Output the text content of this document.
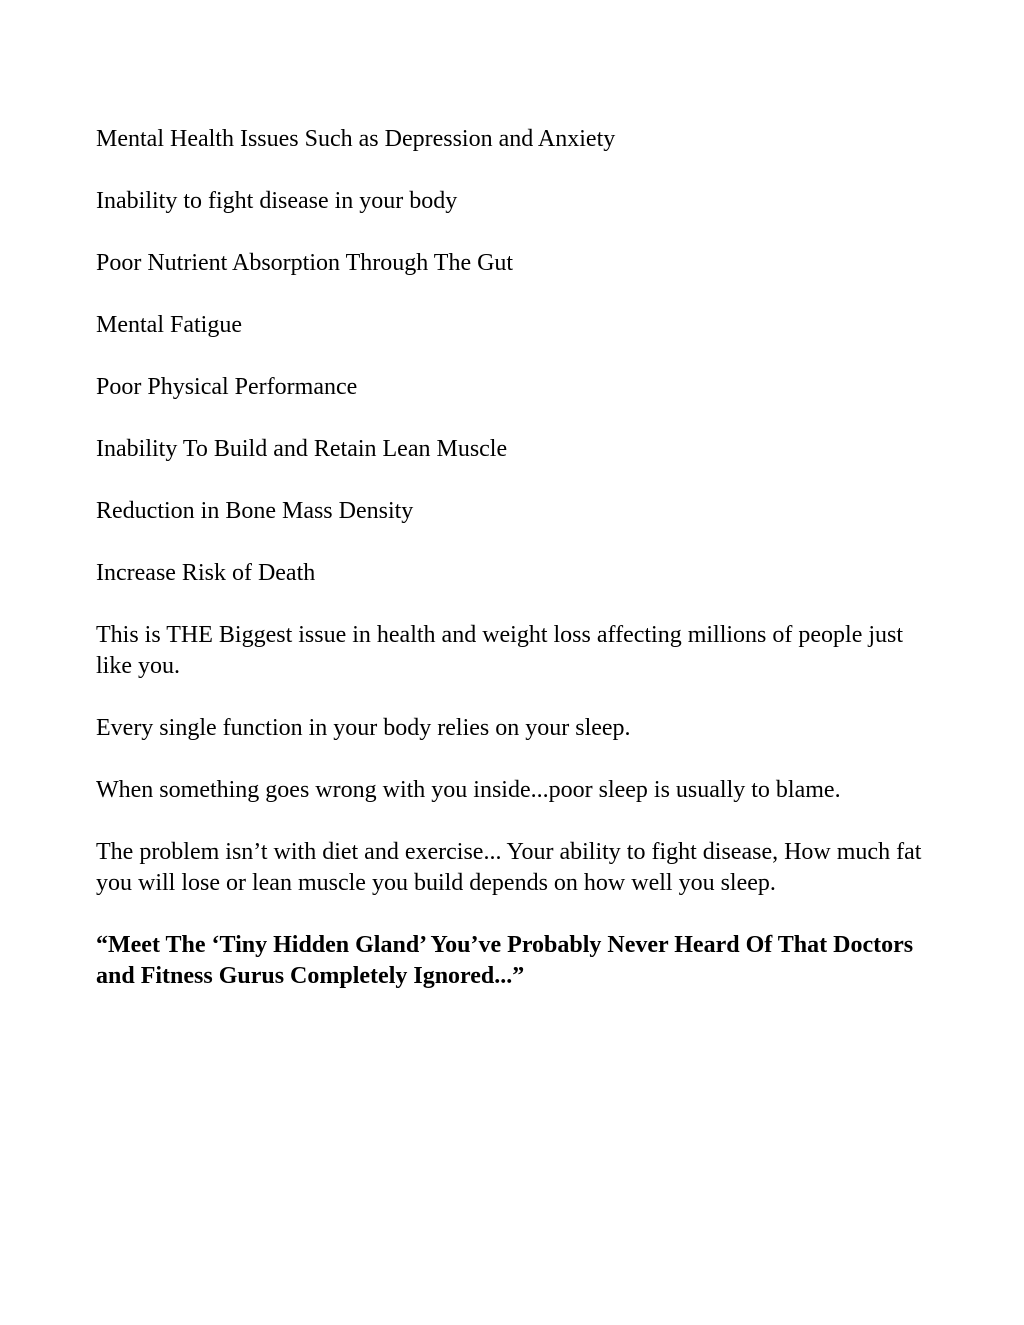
Mental Health Issues Such as Depression and Anxiety

Inability to fight disease in your body

Poor Nutrient Absorption Through The Gut

Mental Fatigue

Poor Physical Performance

Inability To Build and Retain Lean Muscle

Reduction in Bone Mass Density

Increase Risk of Death

This is THE Biggest issue in health and weight loss affecting millions of people just like you.

Every single function in your body relies on your sleep.

When something goes wrong with you inside...poor sleep is usually to blame.

The problem isn’t with diet and exercise... Your ability to fight disease, How much fat you will lose or lean muscle you build depends on how well you sleep.

“Meet The ‘Tiny Hidden Gland’ You’ve Probably Never Heard Of That Doctors and Fitness Gurus Completely Ignored...”
